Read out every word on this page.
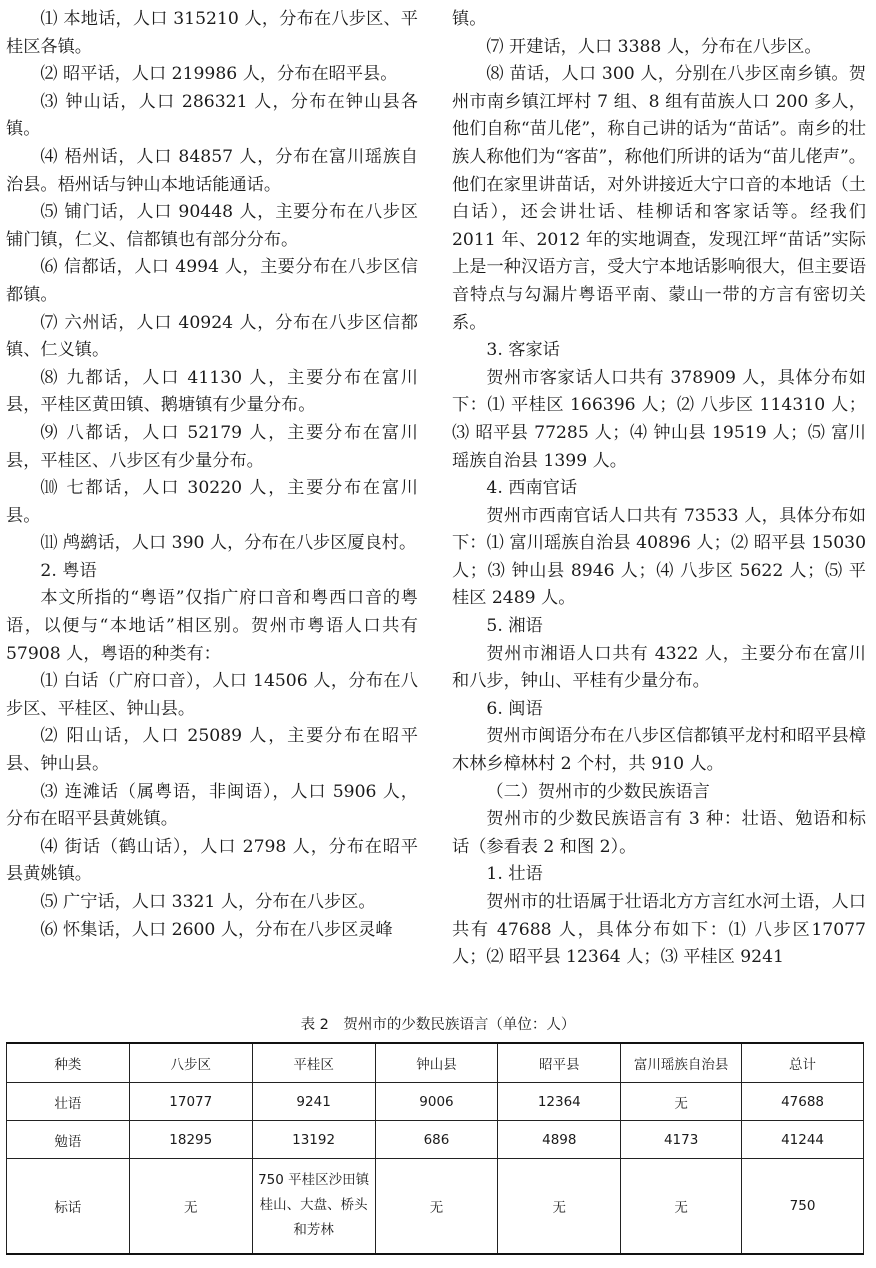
⑴ 本地话，人口 315210 人，分布在八步区、平桂区各镇。

⑵ 昭平话，人口 219986 人，分布在昭平县。

⑶ 钟山话，人口 286321 人，分布在钟山县各镇。

⑷ 梧州话，人口 84857 人，分布在富川瑶族自治县。梧州话与钟山本地话能通话。

⑸ 铺门话，人口 90448 人，主要分布在八步区铺门镇，仁义、信都镇也有部分分布。

⑹ 信都话，人口 4994 人，主要分布在八步区信都镇。

⑺ 六州话，人口 40924 人，分布在八步区信都镇、仁义镇。

⑻ 九都话，人口 41130 人，主要分布在富川县，平桂区黄田镇、鹅塘镇有少量分布。

⑼ 八都话，人口 52179 人，主要分布在富川县，平桂区、八步区有少量分布。

⑽ 七都话，人口 30220 人，主要分布在富川县。

⑾ 鸬鹚话，人口 390 人，分布在八步区厦良村。

2. 粤语

本文所指的“粤语”仅指广府口音和粤西口音的粤语，以便与“本地话”相区别。贺州市粤语人口共有 57908 人，粤语的种类有：

⑴ 白话（广府口音），人口 14506 人，分布在八步区、平桂区、钟山县。

⑵ 阳山话，人口 25089 人，主要分布在昭平县、钟山县。

⑶ 连滩话（属粤语，非闽语），人口 5906 人，分布在昭平县黄姚镇。

⑷ 街话（鹤山话），人口 2798 人，分布在昭平县黄姚镇。

⑸ 广宁话，人口 3321 人，分布在八步区。

⑹ 怀集话，人口 2600 人，分布在八步区灵峰

镇。

⑺ 开建话，人口 3388 人，分布在八步区。

⑻ 苗话，人口 300 人，分别在八步区南乡镇。贺州市南乡镇江坪村 7 组、8 组有苗族人口 200 多人，他们自称“苗儿佬”，称自己讲的话为“苗话”。南乡的壮族人称他们为“客苗”，称他们所讲的话为“苗儿佬声”。他们在家里讲苗话，对外讲接近大宁口音的本地话（土白话），还会讲壮话、桂柳话和客家话等。经我们 2011 年、2012 年的实地调查，发现江坪“苗话”实际上是一种汉语方言，受大宁本地话影响很大，但主要语音特点与勾漏片粤语平南、蒙山一带的方言有密切关系。

3. 客家话

贺州市客家话人口共有 378909 人，具体分布如下：⑴ 平桂区 166396 人；⑵ 八步区 114310 人；⑶ 昭平县 77285 人；⑷ 钟山县 19519 人；⑸ 富川瑶族自治县 1399 人。

4. 西南官话

贺州市西南官话人口共有 73533 人，具体分布如下：⑴ 富川瑶族自治县 40896 人；⑵ 昭平县 15030 人；⑶ 钟山县 8946 人；⑷ 八步区 5622 人；⑸ 平桂区 2489 人。

5. 湘语

贺州市湘语人口共有 4322 人，主要分布在富川和八步，钟山、平桂有少量分布。

6. 闽语

贺州市闽语分布在八步区信都镇平龙村和昭平县樟木林乡樟林村 2 个村，共 910 人。

（二）贺州市的少数民族语言

贺州市的少数民族语言有 3 种：壮语、勉语和标话（参看表 2 和图 2）。

1. 壮语

贺州市的壮语属于壮语北方方言红水河土语，人口共有 47688 人，具体分布如下：⑴ 八步区17077 人；⑵ 昭平县 12364 人；⑶ 平桂区 9241

表 2　贺州市的少数民族语言（单位：人）
种类	八步区	平桂区	钟山县	昭平县	富川瑶族自治县	总计
壮语	17077	9241	9006	12364	无	47688
勉语	18295	13192	686	4898	4173	41244
标话	无	750 平桂区沙田镇桂山、大盘、桥头和芳林	无	无	无	750
